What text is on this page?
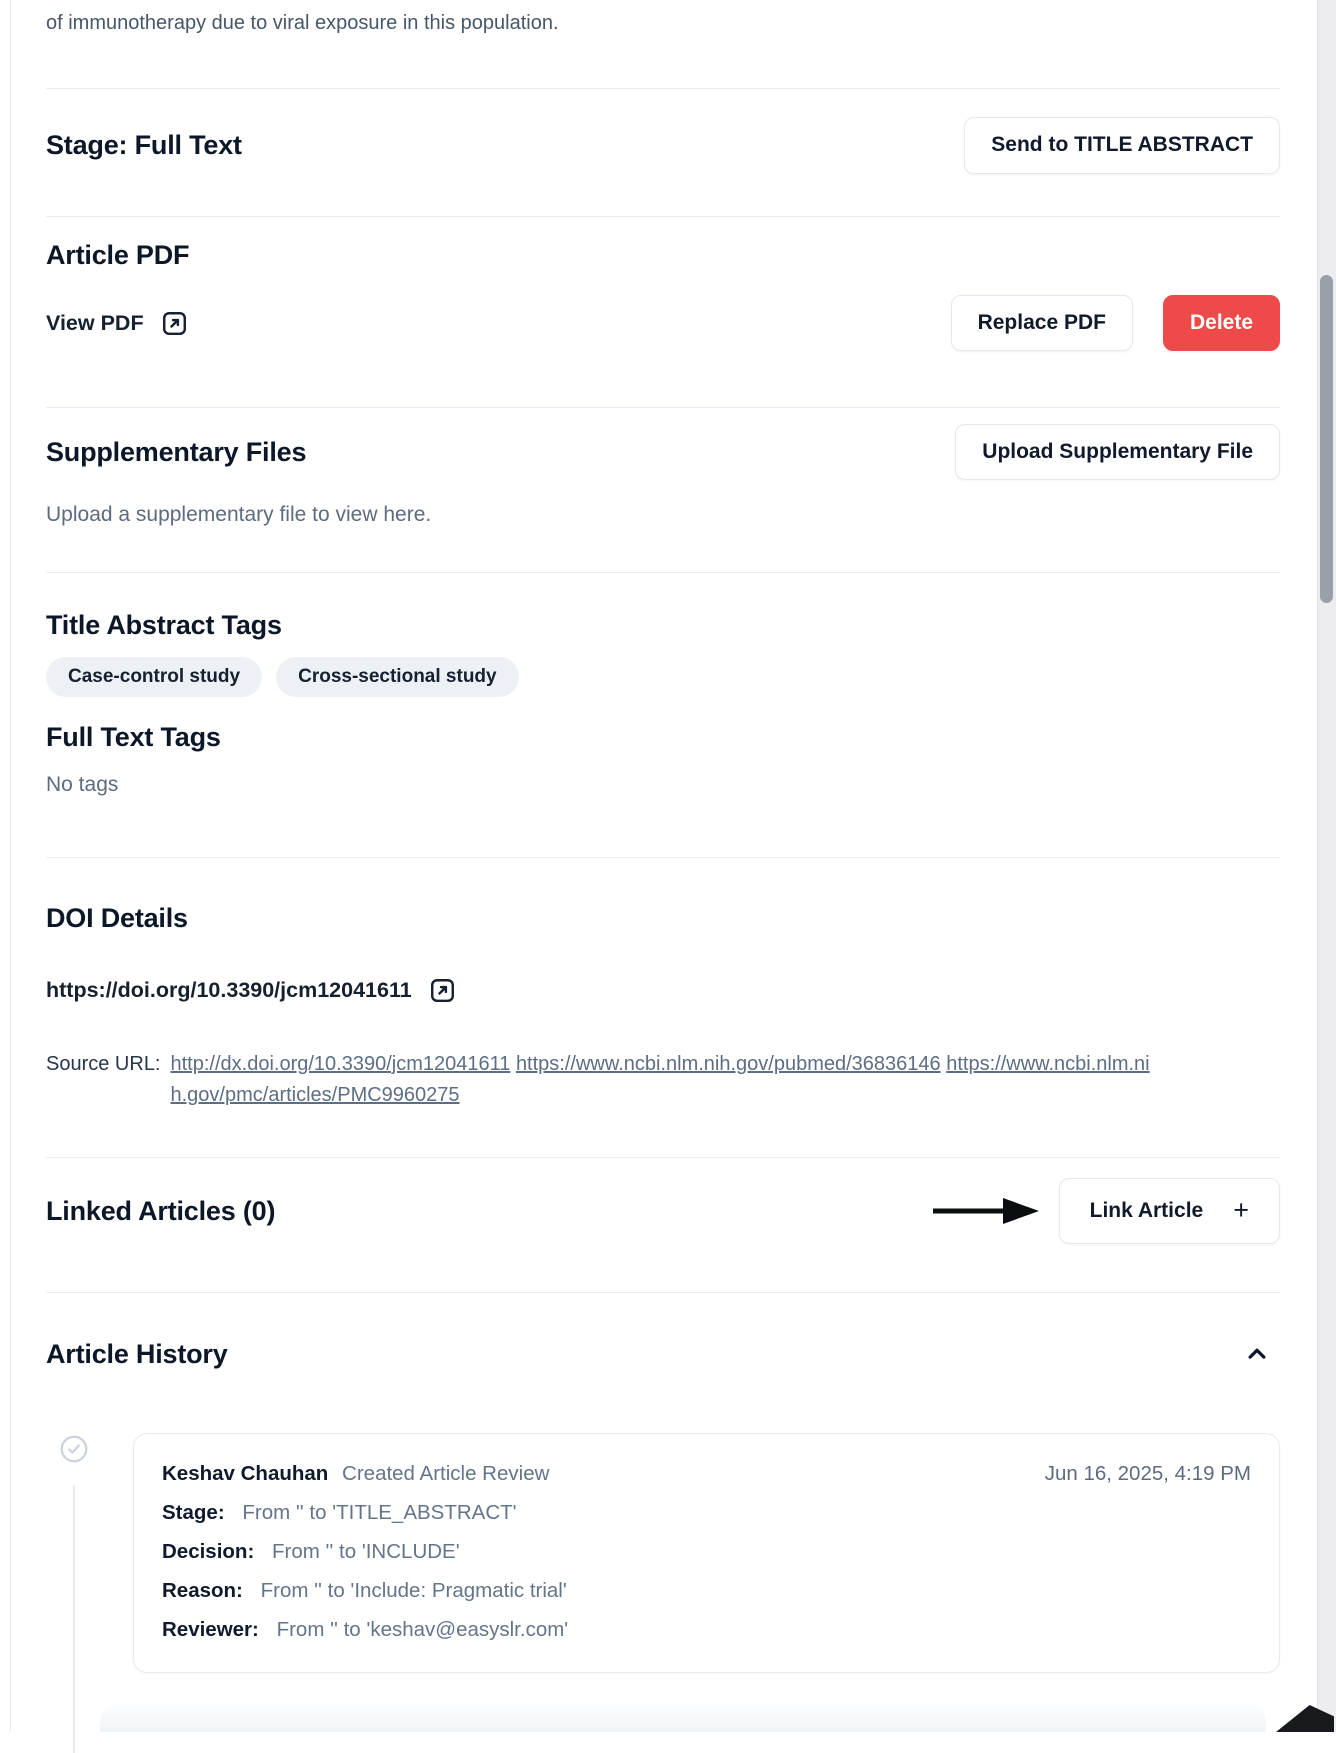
of immunotherapy due to viral exposure in this population.

Stage: Full Text	Send to TITLE ABSTRACT
Article PDF
View PDF	Replace PDF	Delete
Supplementary Files	Upload Supplementary File

Upload a supplementary file to view here.

Title Abstract Tags
Case-control study	Cross-sectional study
Full Text Tags

No tags

DOI Details
https://doi.org/10.3390/jcm12041611
Source URL: http://dx.doi.org/10.3390/jcm12041611 https://www.ncbi.nlm.nih.gov/pubmed/36836146 https://www.ncbi.nlm.nih.gov/pmc/articles/PMC9960275
Linked Articles (0)	Link Article +
Article History
Keshav Chauhan Created Article Review	Jun 16, 2025, 4:19 PM
Stage: From '' to 'TITLE_ABSTRACT'
Decision: From '' to 'INCLUDE'
Reason: From '' to 'Include: Pragmatic trial'
Reviewer: From '' to 'keshav@easyslr.com'
